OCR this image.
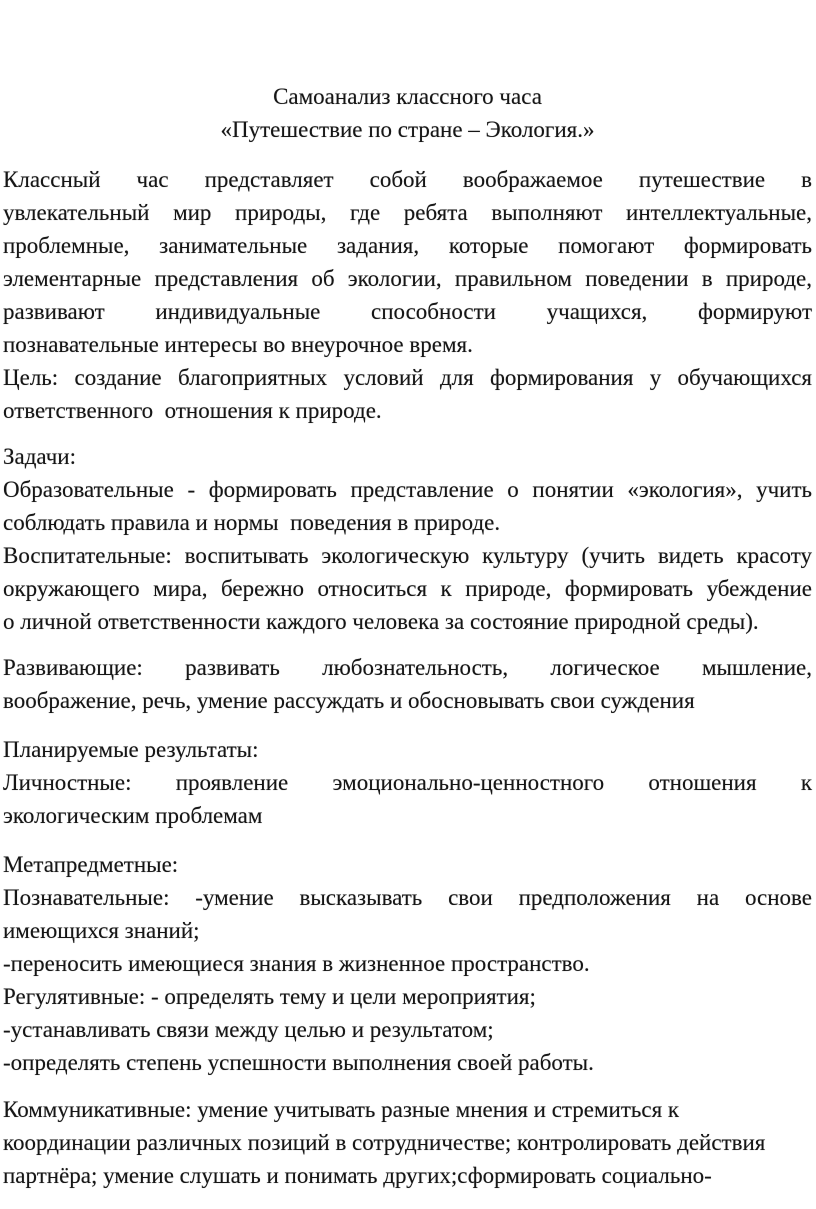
Самоанализ классного часа
«Путешествие по стране – Экология.»
Классный час представляет собой воображаемое путешествие в
увлекательный мир природы, где ребята выполняют интеллектуальные,
проблемные, занимательные задания, которые помогают формировать
элементарные представления об экологии, правильном поведении в природе,
развивают индивидуальные способности учащихся, формируют
познавательные интересы во внеурочное время.
Цель: создание благоприятных условий для формирования у обучающихся
ответственного  отношения к природе.
Задачи:
Образовательные - формировать представление о понятии «экология», учить
соблюдать правила и нормы  поведения в природе.
Воспитательные: воспитывать экологическую культуру (учить видеть красоту
окружающего мира, бережно относиться к природе, формировать убеждение
о личной ответственности каждого человека за состояние природной среды).
Развивающие: развивать любознательность, логическое мышление,
воображение, речь, умение рассуждать и обосновывать свои суждения
Планируемые результаты:
Личностные: проявление эмоционально-ценностного отношения к
экологическим проблемам
Метапредметные:
Познавательные: -умение высказывать свои предположения на основе
имеющихся знаний;
-переносить имеющиеся знания в жизненное пространство.
Регулятивные: - определять тему и цели мероприятия;
-устанавливать связи между целью и результатом;
-определять степень успешности выполнения своей работы.
Коммуникативные: умение учитывать разные мнения и стремиться к
координации различных позиций в сотрудничестве; контролировать действия
партнёра; умение слушать и понимать других;сформировать социально-
